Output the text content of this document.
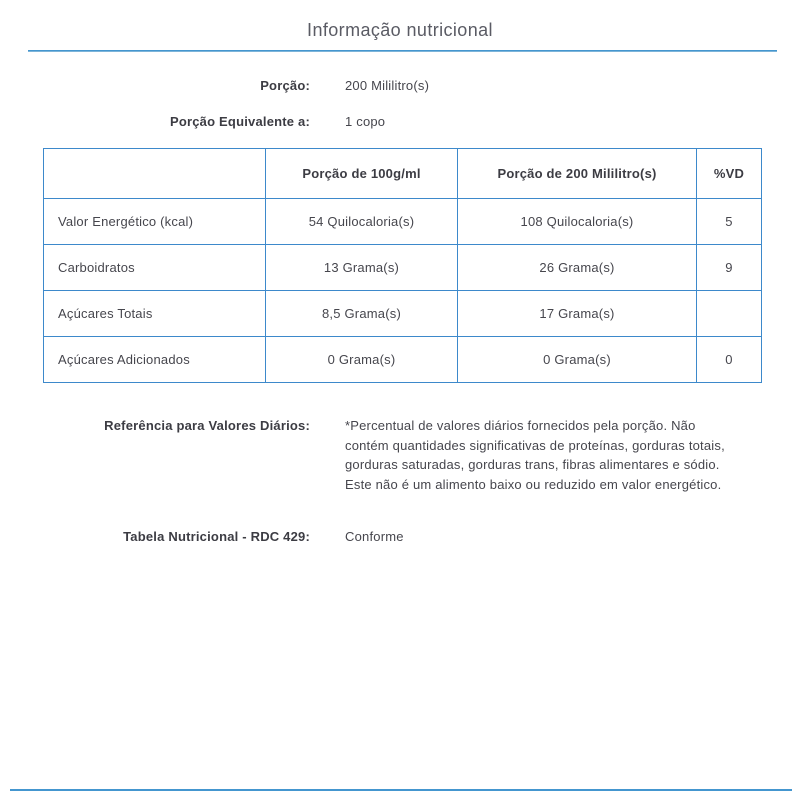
Informação nutricional
Porção:	200 Mililitro(s)
Porção Equivalente a:	1 copo
	Porção de 100g/ml	Porção de 200 Mililitro(s)	%VD
Valor Energético (kcal)	54 Quilocaloria(s)	108 Quilocaloria(s)	5
Carboidratos	13 Grama(s)	26 Grama(s)	9
Açúcares Totais	8,5 Grama(s)	17 Grama(s)	
Açúcares Adicionados	0 Grama(s)	0 Grama(s)	0
Referência para Valores Diários:	*Percentual de valores diários fornecidos pela porção. Não contém quantidades significativas de proteínas, gorduras totais, gorduras saturadas, gorduras trans, fibras alimentares e sódio. Este não é um alimento baixo ou reduzido em valor energético.
Tabela Nutricional - RDC 429:	Conforme
